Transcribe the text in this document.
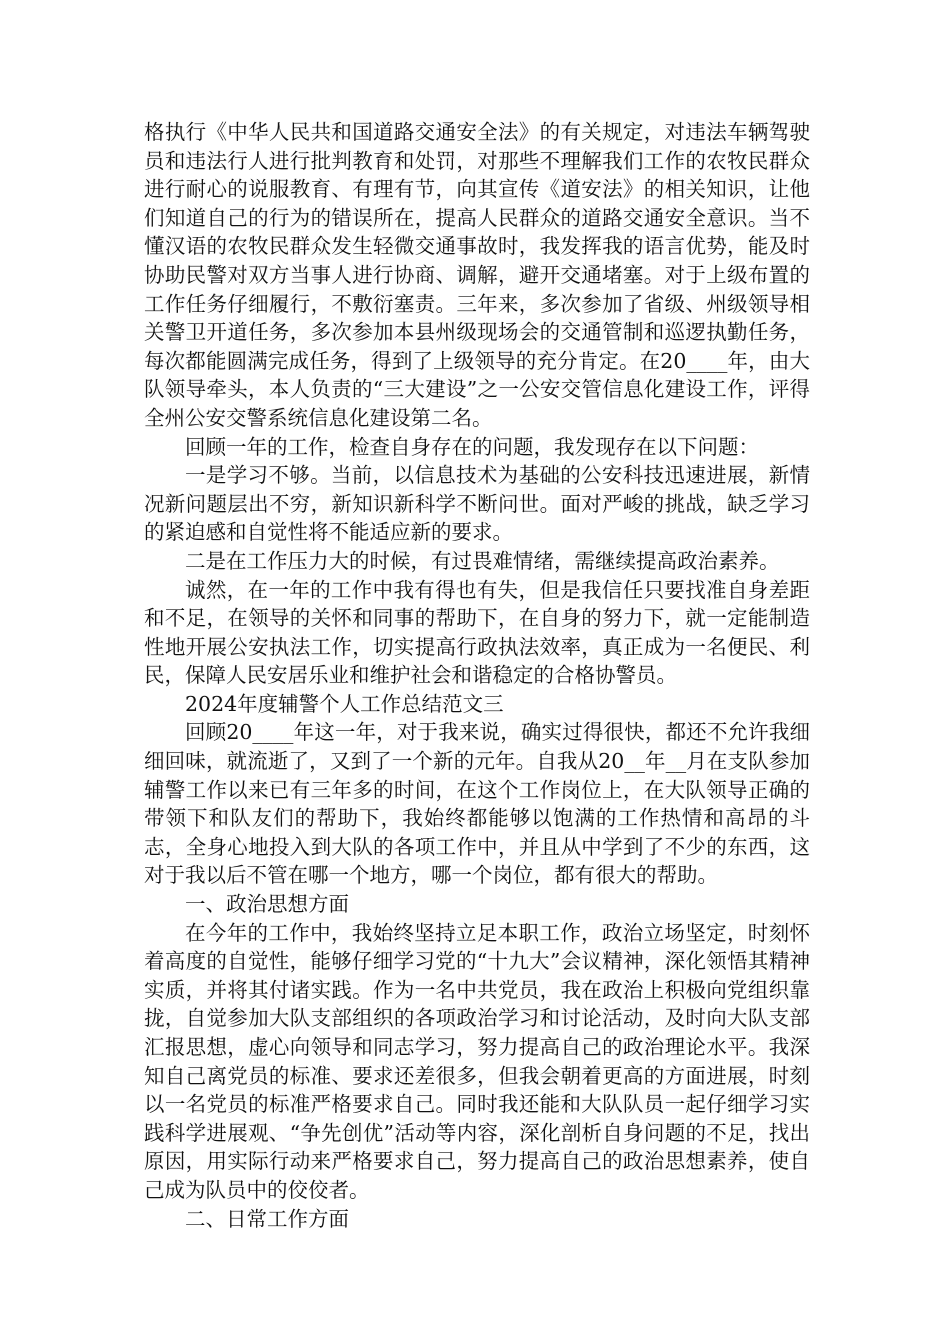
格执行《中华人民共和国道路交通安全法》的有关规定，对违法车辆驾驶员和违法行人进行批判教育和处罚，对那些不理解我们工作的农牧民群众进行耐心的说服教育、有理有节，向其宣传《道安法》的相关知识，让他们知道自己的行为的错误所在，提高人民群众的道路交通安全意识。当不懂汉语的农牧民群众发生轻微交通事故时，我发挥我的语言优势，能及时协助民警对双方当事人进行协商、调解，避开交通堵塞。对于上级布置的工作任务仔细履行，不敷衍塞责。三年来，多次参加了省级、州级领导相关警卫开道任务，多次参加本县州级现场会的交通管制和巡逻执勤任务，每次都能圆满完成任务，得到了上级领导的充分肯定。在20____年，由大队领导牵头，本人负责的“三大建设”之一公安交管信息化建设工作，评得全州公安交警系统信息化建设第二名。

回顾一年的工作，检查自身存在的问题，我发现存在以下问题：

一是学习不够。当前，以信息技术为基础的公安科技迅速进展，新情况新问题层出不穷，新知识新科学不断问世。面对严峻的挑战，缺乏学习的紧迫感和自觉性将不能适应新的要求。

二是在工作压力大的时候，有过畏难情绪，需继续提高政治素养。

诚然，在一年的工作中我有得也有失，但是我信任只要找准自身差距和不足，在领导的关怀和同事的帮助下，在自身的努力下，就一定能制造性地开展公安执法工作，切实提高行政执法效率，真正成为一名便民、利民，保障人民安居乐业和维护社会和谐稳定的合格协警员。

2024年度辅警个人工作总结范文三

回顾20____年这一年，对于我来说，确实过得很快，都还不允许我细细回味，就流逝了，又到了一个新的元年。自我从20__年__月在支队参加辅警工作以来已有三年多的时间，在这个工作岗位上，在大队领导正确的带领下和队友们的帮助下，我始终都能够以饱满的工作热情和高昂的斗志，全身心地投入到大队的各项工作中，并且从中学到了不少的东西，这对于我以后不管在哪一个地方，哪一个岗位，都有很大的帮助。

一、政治思想方面

在今年的工作中，我始终坚持立足本职工作，政治立场坚定，时刻怀着高度的自觉性，能够仔细学习党的“十九大”会议精神，深化领悟其精神实质，并将其付诸实践。作为一名中共党员，我在政治上积极向党组织靠拢，自觉参加大队支部组织的各项政治学习和讨论活动，及时向大队支部汇报思想，虚心向领导和同志学习，努力提高自己的政治理论水平。我深知自己离党员的标准、要求还差很多，但我会朝着更高的方面进展，时刻以一名党员的标准严格要求自己。同时我还能和大队队员一起仔细学习实践科学进展观、“争先创优”活动等内容，深化剖析自身问题的不足，找出原因，用实际行动来严格要求自己，努力提高自己的政治思想素养，使自己成为队员中的佼佼者。

二、日常工作方面
